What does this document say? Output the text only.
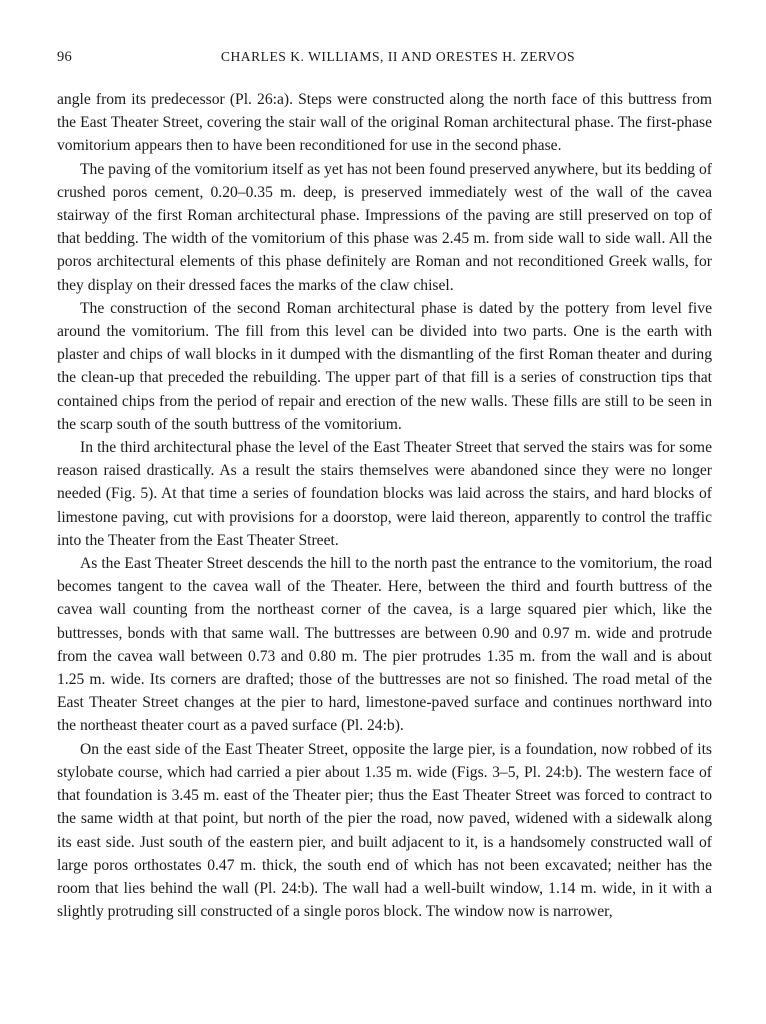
96	CHARLES K. WILLIAMS, II AND ORESTES H. ZERVOS

angle from its predecessor (Pl. 26:a). Steps were constructed along the north face of this buttress from the East Theater Street, covering the stair wall of the original Roman architectural phase. The first-phase vomitorium appears then to have been reconditioned for use in the second phase.

The paving of the vomitorium itself as yet has not been found preserved anywhere, but its bedding of crushed poros cement, 0.20–0.35 m. deep, is preserved immediately west of the wall of the cavea stairway of the first Roman architectural phase. Impressions of the paving are still preserved on top of that bedding. The width of the vomitorium of this phase was 2.45 m. from side wall to side wall. All the poros architectural elements of this phase definitely are Roman and not reconditioned Greek walls, for they display on their dressed faces the marks of the claw chisel.

The construction of the second Roman architectural phase is dated by the pottery from level five around the vomitorium. The fill from this level can be divided into two parts. One is the earth with plaster and chips of wall blocks in it dumped with the dismantling of the first Roman theater and during the clean-up that preceded the rebuilding. The upper part of that fill is a series of construction tips that contained chips from the period of repair and erection of the new walls. These fills are still to be seen in the scarp south of the south buttress of the vomitorium.

In the third architectural phase the level of the East Theater Street that served the stairs was for some reason raised drastically. As a result the stairs themselves were abandoned since they were no longer needed (Fig. 5). At that time a series of foundation blocks was laid across the stairs, and hard blocks of limestone paving, cut with provisions for a doorstop, were laid thereon, apparently to control the traffic into the Theater from the East Theater Street.

As the East Theater Street descends the hill to the north past the entrance to the vomitorium, the road becomes tangent to the cavea wall of the Theater. Here, between the third and fourth buttress of the cavea wall counting from the northeast corner of the cavea, is a large squared pier which, like the buttresses, bonds with that same wall. The buttresses are between 0.90 and 0.97 m. wide and protrude from the cavea wall between 0.73 and 0.80 m. The pier protrudes 1.35 m. from the wall and is about 1.25 m. wide. Its corners are drafted; those of the buttresses are not so finished. The road metal of the East Theater Street changes at the pier to hard, limestone-paved surface and continues northward into the northeast theater court as a paved surface (Pl. 24:b).

On the east side of the East Theater Street, opposite the large pier, is a foundation, now robbed of its stylobate course, which had carried a pier about 1.35 m. wide (Figs. 3–5, Pl. 24:b). The western face of that foundation is 3.45 m. east of the Theater pier; thus the East Theater Street was forced to contract to the same width at that point, but north of the pier the road, now paved, widened with a sidewalk along its east side. Just south of the eastern pier, and built adjacent to it, is a handsomely constructed wall of large poros orthostates 0.47 m. thick, the south end of which has not been excavated; neither has the room that lies behind the wall (Pl. 24:b). The wall had a well-built window, 1.14 m. wide, in it with a slightly protruding sill constructed of a single poros block. The window now is narrower,
